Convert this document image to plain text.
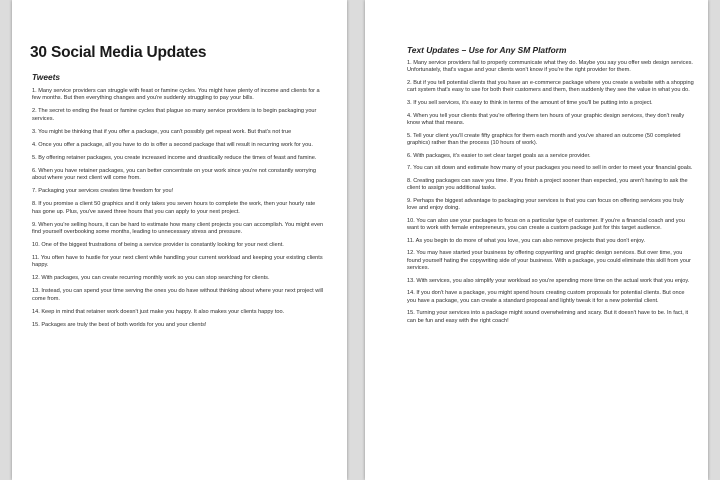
30 Social Media Updates
Tweets
1. Many service providers can struggle with feast or famine cycles. You might have plenty of income and clients for a few months. But then everything changes and you're suddenly struggling to pay your bills.
2. The secret to ending the feast or famine cycles that plague so many service providers is to begin packaging your services.
3. You might be thinking that if you offer a package, you can't possibly get repeat work. But that's not true
4. Once you offer a package, all you have to do is offer a second package that will result in recurring work for you.
5. By offering retainer packages, you create increased income and drastically reduce the times of feast and famine.
6. When you have retainer packages, you can better concentrate on your work since you're not constantly worrying about where your next client will come from.
7. Packaging your services creates time freedom for you!
8. If you promise a client 50 graphics and it only takes you seven hours to complete the work, then your hourly rate has gone up. Plus, you've saved three hours that you can apply to your next project.
9. When you're selling hours, it can be hard to estimate how many client projects you can accomplish. You might even find yourself overbooking some months, leading to unnecessary stress and pressure.
10. One of the biggest frustrations of being a service provider is constantly looking for your next client.
11. You often have to hustle for your next client while handling your current workload and keeping your existing clients happy.
12. With packages, you can create recurring monthly work so you can stop searching for clients.
13. Instead, you can spend your time serving the ones you do have without thinking about where your next project will come from.
14. Keep in mind that retainer work doesn't just make you happy. It also makes your clients happy too.
15. Packages are truly the best of both worlds for you and your clients!
Text Updates – Use for Any SM Platform
1. Many service providers fail to properly communicate what they do. Maybe you say you offer web design services. Unfortunately, that's vague and your clients won't know if you're the right provider for them.
2. But if you tell potential clients that you have an e-commerce package where you create a website with a shopping cart system that's easy to use for both their customers and them, then suddenly they see the value in what you do.
3. If you sell services, it's easy to think in terms of the amount of time you'll be putting into a project.
4. When you tell your clients that you're offering them ten hours of your graphic design services, they don't really know what that means.
5. Tell your client you'll create fifty graphics for them each month and you've shared an outcome (50 completed graphics) rather than the process (10 hours of work).
6. With packages, it's easier to set clear target goals as a service provider.
7. You can sit down and estimate how many of your packages you need to sell in order to meet your financial goals.
8. Creating packages can save you time. If you finish a project sooner than expected, you aren't having to ask the client to assign you additional tasks.
9. Perhaps the biggest advantage to packaging your services is that you can focus on offering services you truly love and enjoy doing.
10. You can also use your packages to focus on a particular type of customer. If you're a financial coach and you want to work with female entrepreneurs, you can create a custom package just for this target audience.
11. As you begin to do more of what you love, you can also remove projects that you don't enjoy.
12. You may have started your business by offering copywriting and graphic design services. But over time, you found yourself hating the copywriting side of your business. With a package, you could eliminate this skill from your services.
13. With services, you also simplify your workload so you're spending more time on the actual work that you enjoy.
14. If you don't have a package, you might spend hours creating custom proposals for potential clients. But once you have a package, you can create a standard proposal and lightly tweak it for a new potential client.
15. Turning your services into a package might sound overwhelming and scary. But it doesn't have to be. In fact, it can be fun and easy with the right coach!
